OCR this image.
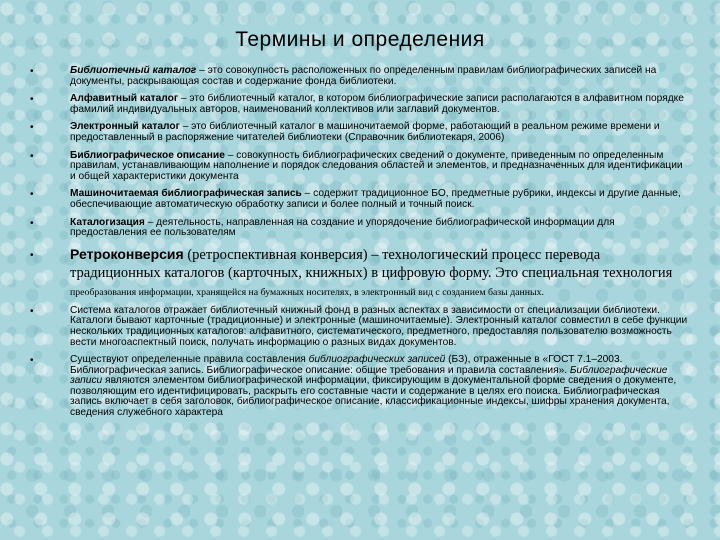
Термины и определения
•	Библиотечный каталог – это совокупность расположенных по определенным правилам библиографических записей на документы, раскрывающая состав и содержание фонда библиотеки.
•	Алфавитный каталог – это библиотечный каталог, в котором библиографические записи располагаются в алфавитном порядке фамилий индивидуальных авторов, наименований коллективов или заглавий документов.
•	Электронный каталог – это библиотечный каталог в машиночитаемой форме, работающий в реальном режиме времени и предоставленный в распоряжение читателей библиотеки (Справочник библиотекаря, 2006)
•	Библиографическое описание – совокупность библиографических сведений о документе, приведенным по определенным правилам, устанавливающим наполнение и порядок следования областей и элементов, и предназначенных для идентификации и общей характеристики документа
•	Машиночитаемая библиографическая запись – содержит традиционное БО, предметные рубрики, индексы и другие данные, обеспечивающие автоматическую обработку записи и более полный и точный поиск.
•	Каталогизация – деятельность, направленная на создание и упорядочение библиографической информации для предоставления ее пользователям
•	Ретроконверсия (ретроспективная конверсия) – технологический процесс перевода традиционных каталогов (карточных, книжных) в цифровую форму. Это специальная технология преобразования информации, хранящейся на бумажных носителях, в электронный вид с созданием базы данных.
•	Система каталогов отражает библиотечный книжный фонд в разных аспектах в зависимости от специализации библиотеки. Каталоги бывают карточные (традиционные) и электронные (машиночитаемые). Электронный каталог совместил в себе функции нескольких традиционных каталогов: алфавитного, систематического, предметного, предоставляя пользователю возможность вести многоаспектный поиск, получать информацию о разных видах документов.
•	Существуют определенные правила составления библиографических записей (БЗ), отраженные в «ГОСТ 7.1–2003. Библиографическая запись. Библиографическое описание: общие требования и правила составления». Библиографические записи являются элементом библиографической информации, фиксирующим в документальной форме сведения о документе, позволяющим его идентифицировать, раскрыть его составные части и содержание в целях его поиска. Библиографическая запись включает в себя заголовок, библиографическое описание, классификационные индексы, шифры хранения документа, сведения служебного характера
